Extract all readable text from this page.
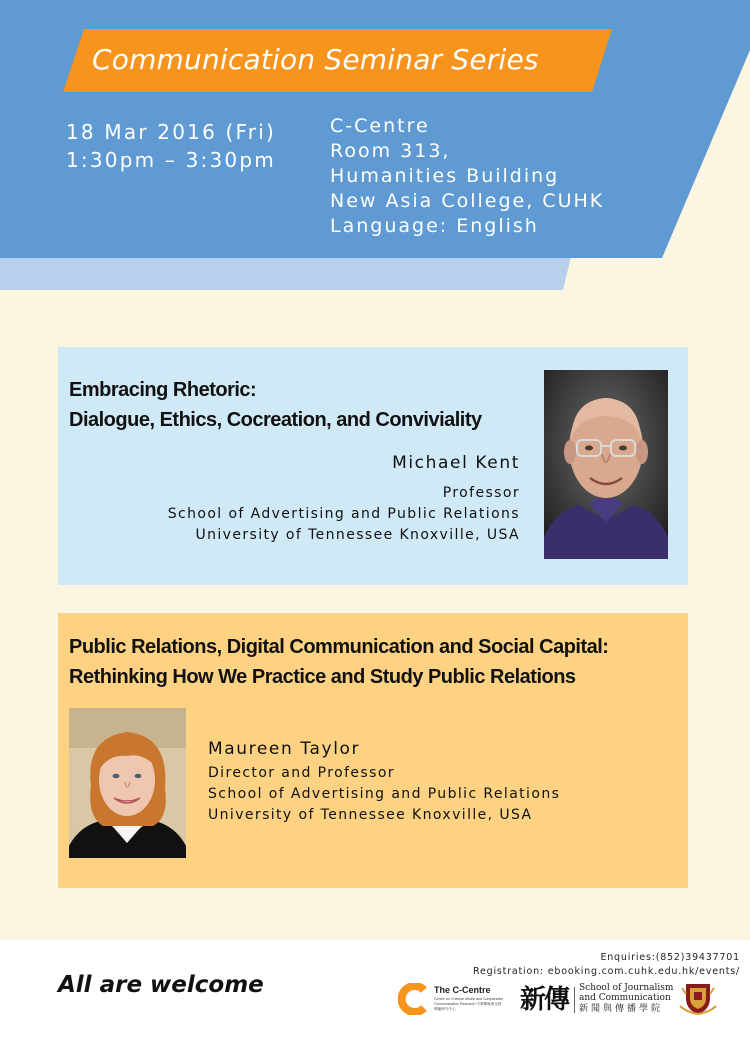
Communication Seminar Series
18 Mar 2016 (Fri)
1:30pm – 3:30pm
C-Centre
Room 313,
Humanities Building
New Asia College, CUHK
Language: English
Embracing Rhetoric:
Dialogue, Ethics, Cocreation, and Conviviality
Michael Kent
Professor
School of Advertising and Public Relations
University of Tennessee Knoxville, USA
Public Relations, Digital Communication and Social Capital:
Rethinking How We Practice and Study Public Relations
Maureen Taylor
Director and Professor
School of Advertising and Public Relations
University of Tennessee Knoxville, USA
All are welcome
Enquiries:(852)39437701
Registration: ebooking.com.cuhk.edu.hk/events/
The C-Centre
Centre for Chinese Media and Comparative Communication Research 中華傳媒與比較傳播研究中心	新傳 School of Journalism
and Communication
新聞與傳播學院
